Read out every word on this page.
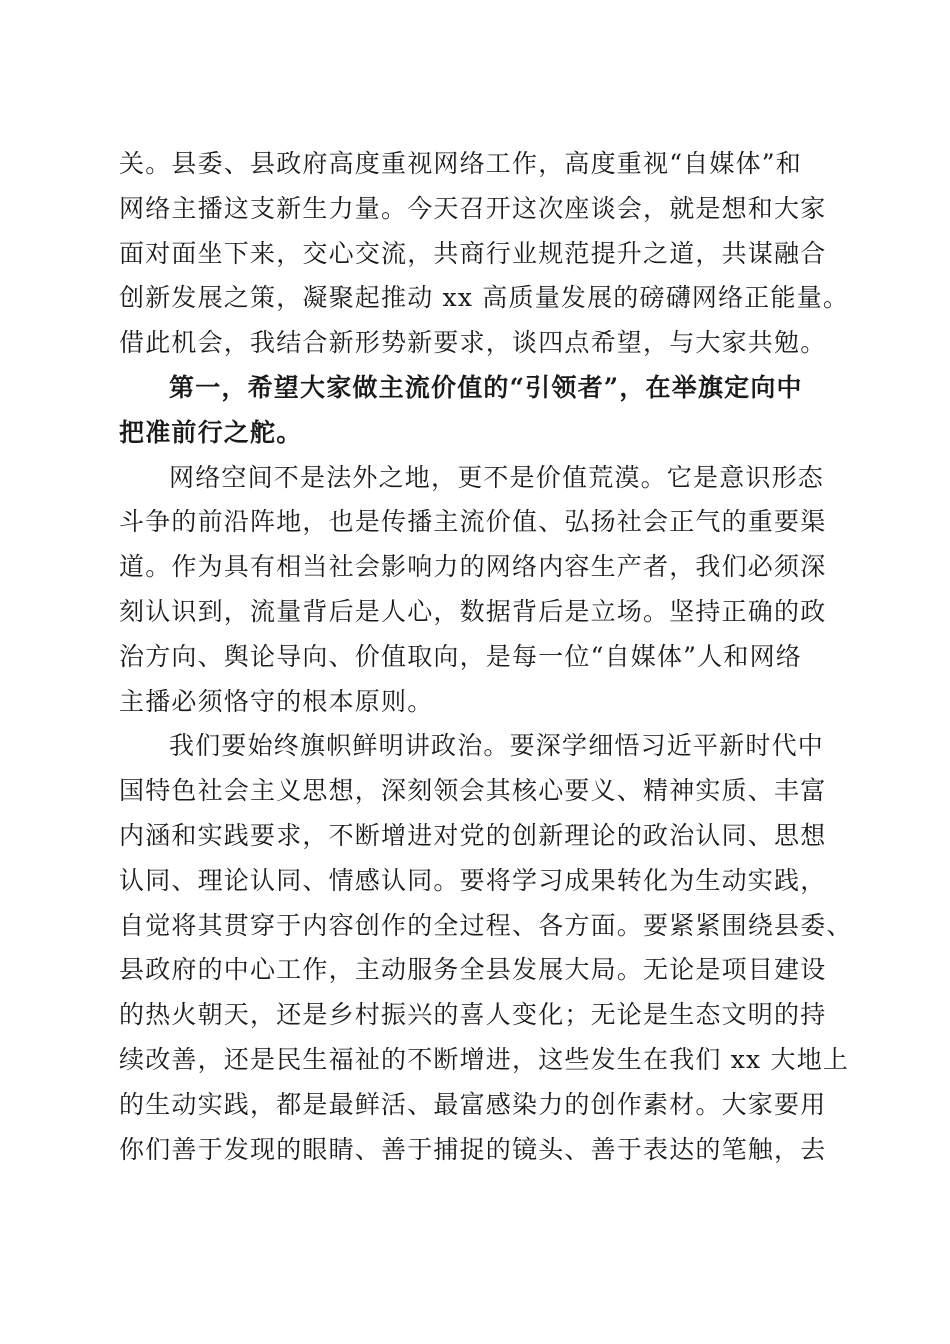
关。县委、县政府高度重视网络工作，高度重视“自媒体”和
网络主播这支新生力量。今天召开这次座谈会，就是想和大家
面对面坐下来，交心交流，共商行业规范提升之道，共谋融合
创新发展之策，凝聚起推动 xx 高质量发展的磅礴网络正能量。
借此机会，我结合新形势新要求，谈四点希望，与大家共勉。
第一，希望大家做主流价值的“引领者”，在举旗定向中
把准前行之舵。
网络空间不是法外之地，更不是价值荒漠。它是意识形态
斗争的前沿阵地，也是传播主流价值、弘扬社会正气的重要渠
道。作为具有相当社会影响力的网络内容生产者，我们必须深
刻认识到，流量背后是人心，数据背后是立场。坚持正确的政
治方向、舆论导向、价值取向，是每一位“自媒体”人和网络
主播必须恪守的根本原则。
我们要始终旗帜鲜明讲政治。要深学细悟习近平新时代中
国特色社会主义思想，深刻领会其核心要义、精神实质、丰富
内涵和实践要求，不断增进对党的创新理论的政治认同、思想
认同、理论认同、情感认同。要将学习成果转化为生动实践，
自觉将其贯穿于内容创作的全过程、各方面。要紧紧围绕县委、
县政府的中心工作，主动服务全县发展大局。无论是项目建设
的热火朝天，还是乡村振兴的喜人变化；无论是生态文明的持
续改善，还是民生福祉的不断增进，这些发生在我们 xx 大地上
的生动实践，都是最鲜活、最富感染力的创作素材。大家要用
你们善于发现的眼睛、善于捕捉的镜头、善于表达的笔触，去
